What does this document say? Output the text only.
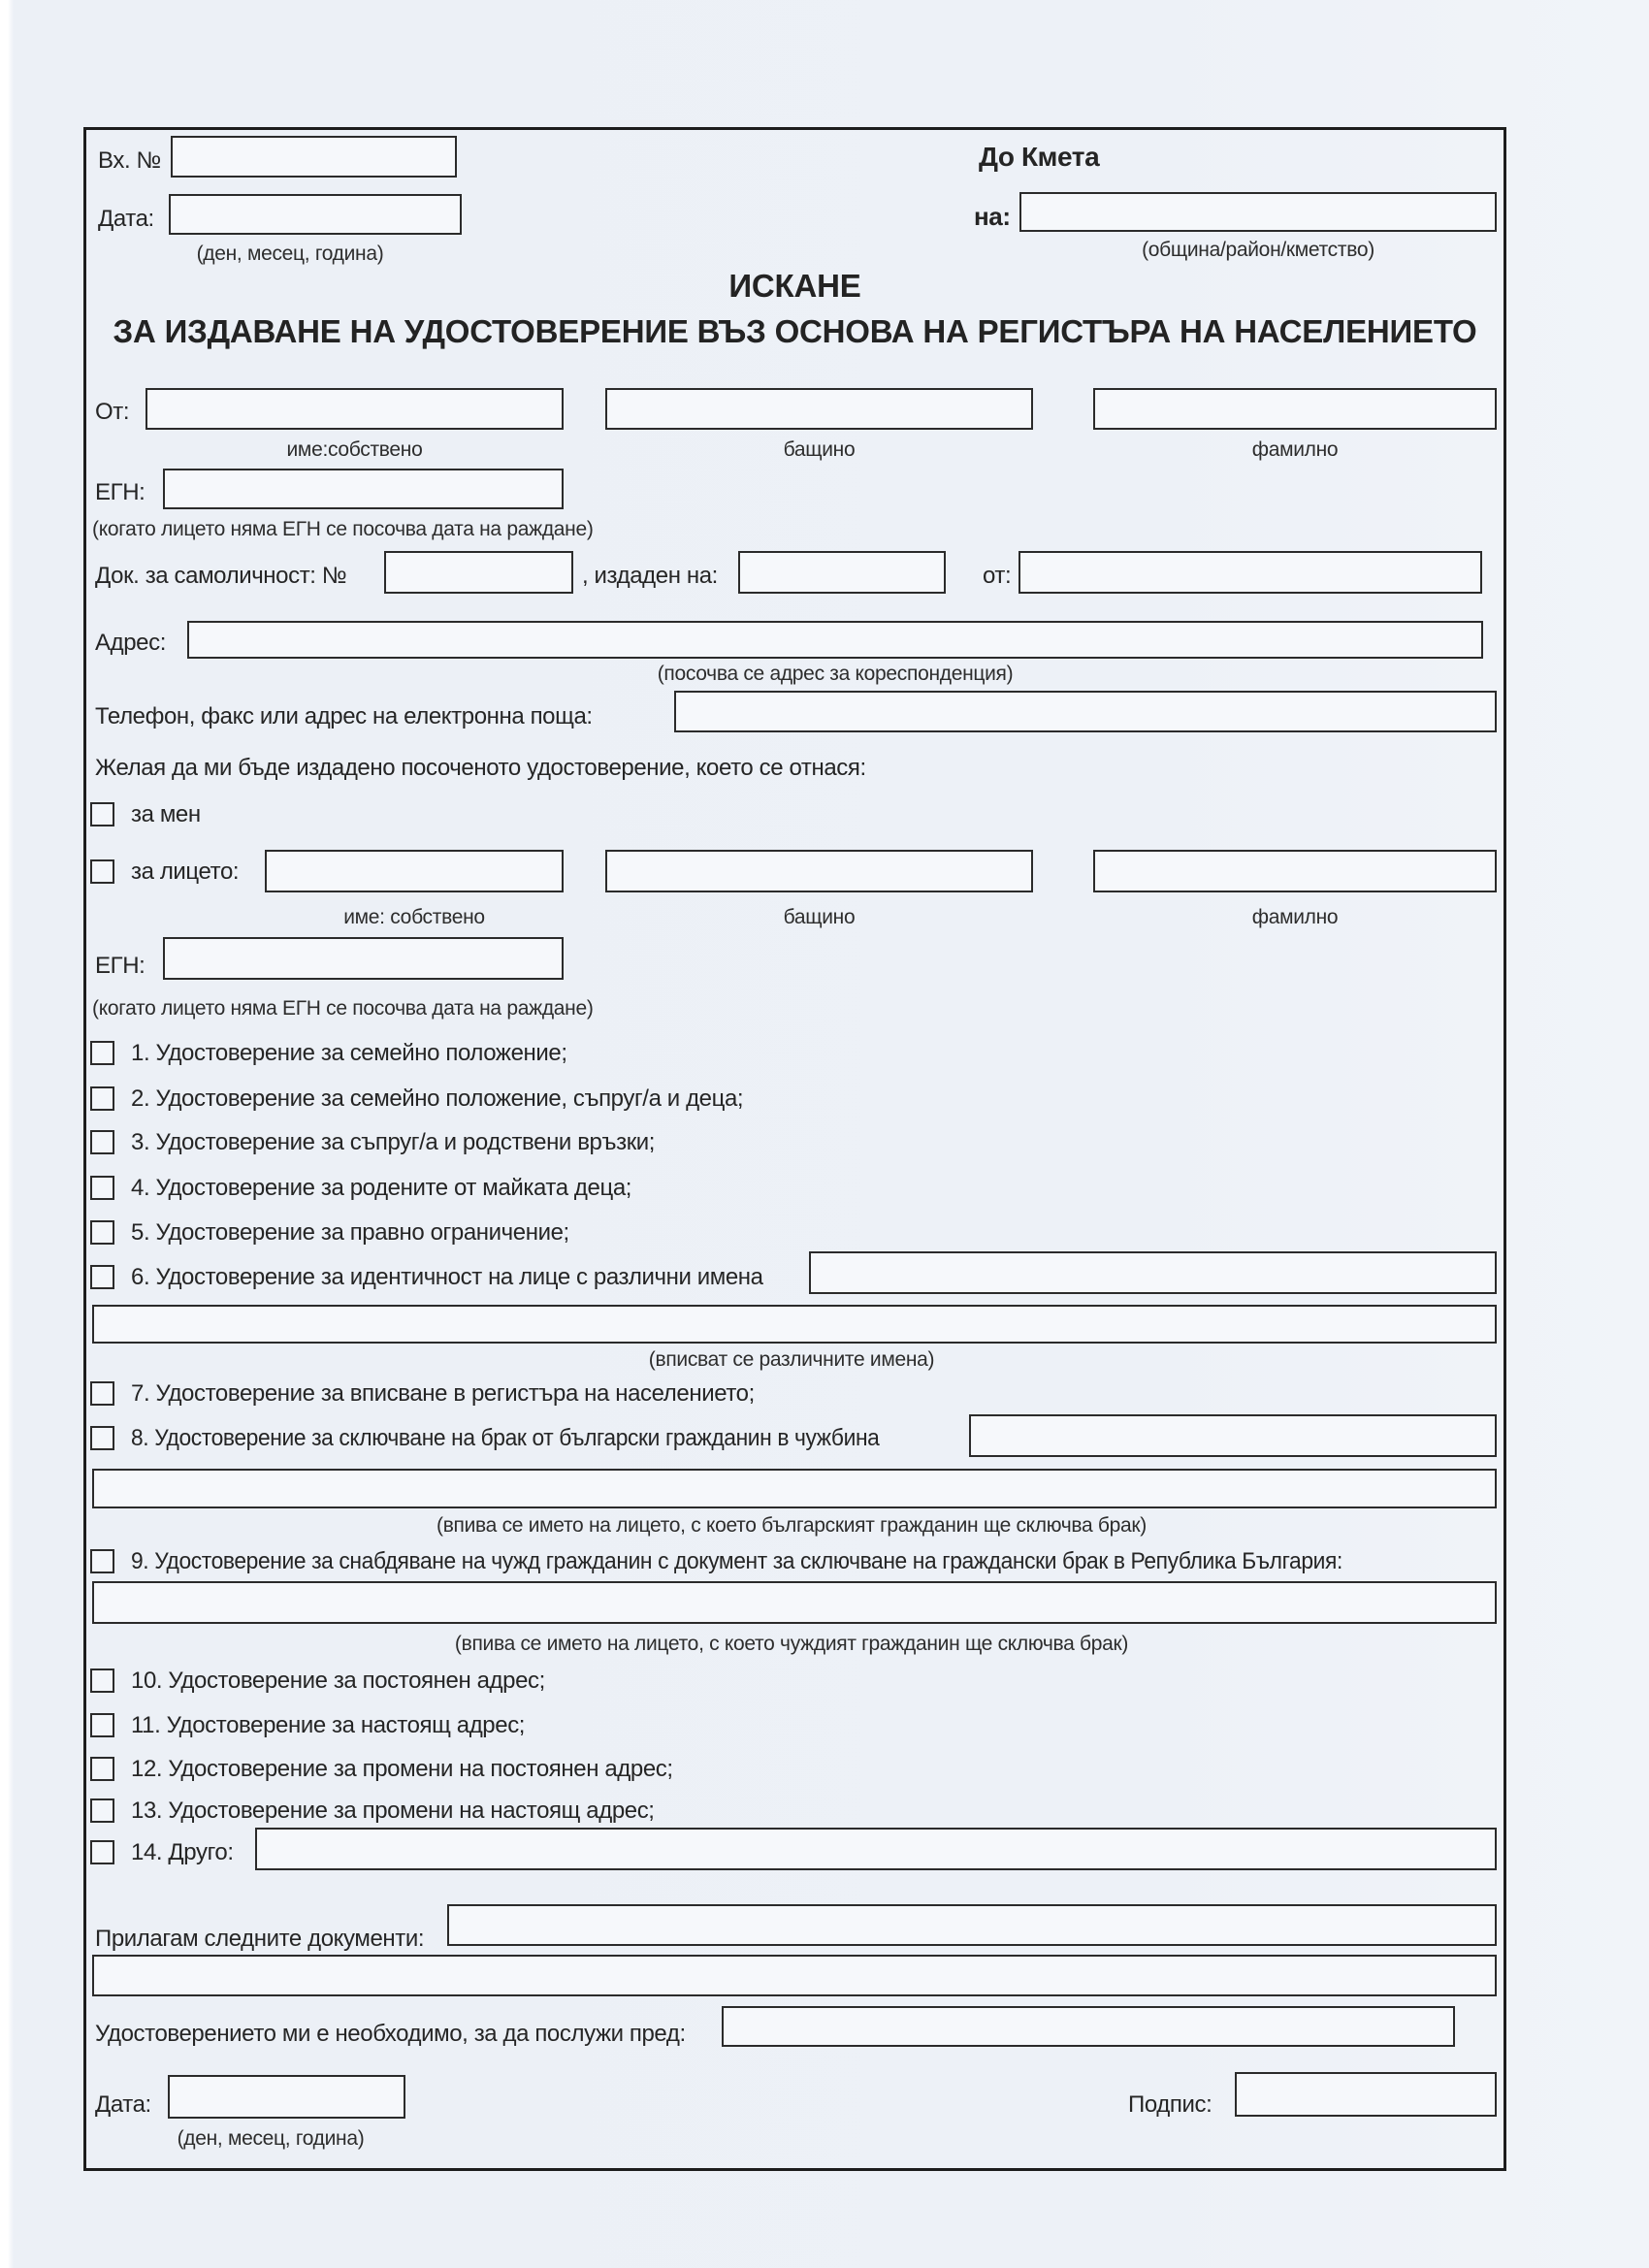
Вх. №
Дата:
(ден, месец, година)
До Кмета
на:
(община/район/кметство)
ИСКАНЕ
ЗА ИЗДАВАНЕ НА УДОСТОВЕРЕНИЕ ВЪЗ ОСНОВА НА РЕГИСТЪРА НА НАСЕЛЕНИЕТО
От:
име:собствено	бащино	фамилно
ЕГН:
(когато лицето няма ЕГН се посочва дата на раждане)
Док. за самоличност: №	, издаден на:	от:
Адрес:
(посочва се адрес за кореспонденция)
Телефон, факс или адрес на електронна поща:
Желая да ми бъде издадено посоченото удостоверение, което се отнася:
за мен
за лицето:
име: собствено	бащино	фамилно
ЕГН:
(когато лицето няма ЕГН се посочва дата на раждане)
1. Удостоверение за семейно положение;
2. Удостоверение за семейно положение, съпруг/а и деца;
3. Удостоверение за съпруг/а и родствени връзки;
4. Удостоверение за родените от майката деца;
5. Удостоверение за правно ограничение;
6. Удостоверение за идентичност на лице с различни имена
(вписват се различните имена)
7. Удостоверение за вписване в регистъра на населението;
8. Удостоверение за сключване на брак от български гражданин в чужбина
(впива се името на лицето, с което българският гражданин ще сключва брак)
9. Удостоверение за снабдяване на чужд гражданин с документ за сключване на граждански брак в Република България:
(впива се името на лицето, с което чуждият гражданин ще сключва брак)
10. Удостоверение за постоянен адрес;
11. Удостоверение за настоящ адрес;
12. Удостоверение за промени на постоянен адрес;
13. Удостоверение за промени на настоящ адрес;
14. Друго:
Прилагам следните документи:
Удостоверението ми е необходимо, за да послужи пред:
Дата:
(ден, месец, година)
Подпис:
